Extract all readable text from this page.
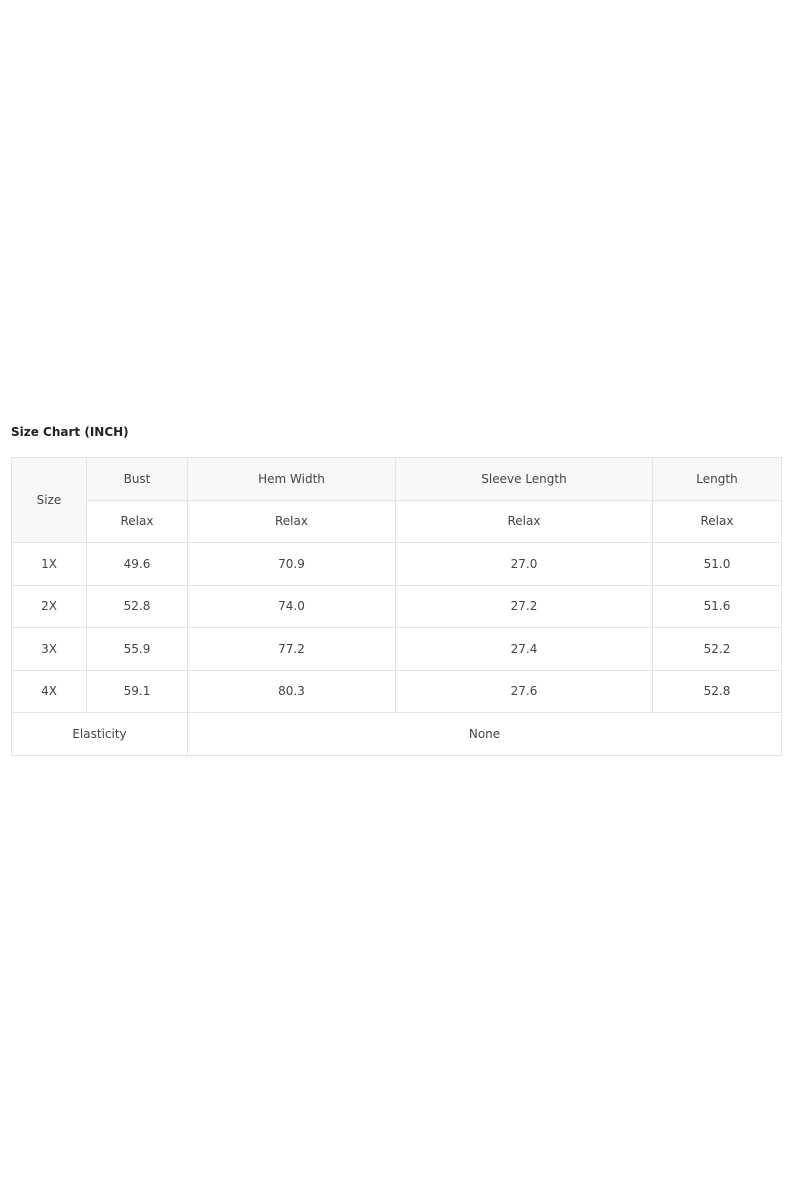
Size Chart (INCH)
Size	Bust	Hem Width	Sleeve Length	Length
	Relax	Relax	Relax	Relax
1X	49.6	70.9	27.0	51.0
2X	52.8	74.0	27.2	51.6
3X	55.9	77.2	27.4	52.2
4X	59.1	80.3	27.6	52.8
Elasticity		None		
